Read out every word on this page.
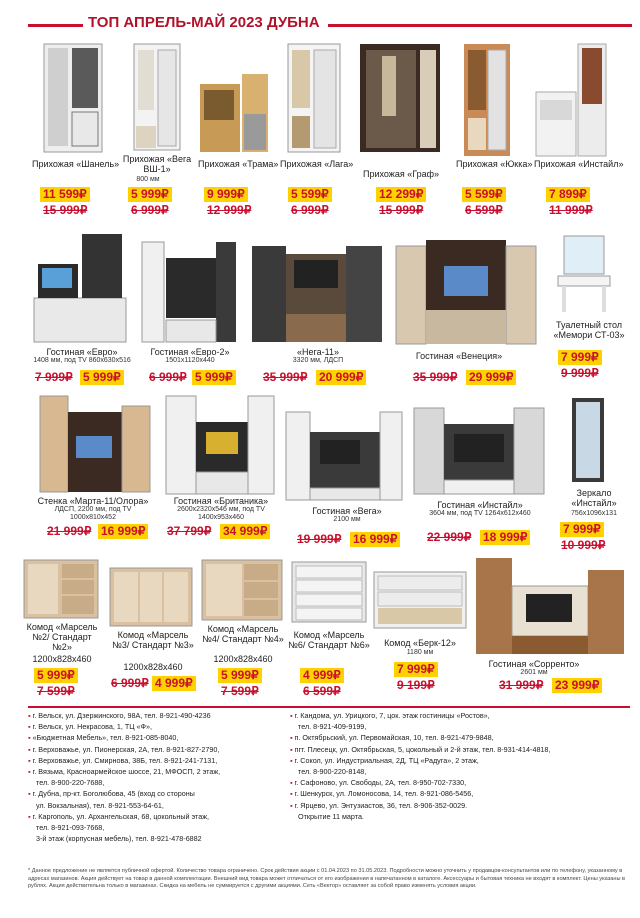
ТОП АПРЕЛЬ-МАЙ 2023 ДУБНА
Прихожая «Шанель»
11 599₽
15 999₽
Прихожая «Вега ВШ-1»
800 мм
5 999₽
6 999₽
Прихожая «Трама»
9 999₽
12 999₽
Прихожая «Лага»
5 599₽
6 999₽
Прихожая «Граф»
12 299₽
15 999₽
Прихожая «Юкка»
5 599₽
6 599₽
Прихожая «Инстайл»
7 899₽
11 999₽
Гостиная «Евро»
1408 мм, под TV 860х630х516
7 999₽ 5 999₽
Гостиная «Евро-2»
1501х1120х440
6 999₽ 5 999₽
«Нега-11»
3320 мм, ЛДСП
35 999₽ 20 999₽
Гостиная «Венеция»
35 999₽ 29 999₽
Туалетный стол «Мемори СТ-03»
7 999₽
9 999₽
Стенка «Марта-11/Олора»
ЛДСП, 2200 мм, под TV 1000х810х452
21 999₽ 16 999₽
Гостиная «Британика»
2600х2320х546 мм, под TV 1400х953х460
37 799₽ 34 999₽
Гостиная «Вега»
2100 мм
19 999₽ 16 999₽
Гостиная «Инстайл»
3604 мм, под TV 1264х612х460
22 999₽ 18 999₽
Зеркало «Инстайл»
756х1096х131
7 999₽
10 999₽
Комод «Марсель №2/ Стандарт №2»
1200х828х460
5 999₽
7 599₽
Комод «Марсель №3/ Стандарт №3»
1200х828х460
6 999₽ 4 999₽
Комод «Марсель №4/ Стандарт №4»
1200х828х460
5 999₽
7 599₽
Комод «Марсель №6/ Стандарт №6»
4 999₽
6 599₽
Комод «Берк-12»
1180 мм
7 999₽
9 199₽
Гостиная «Сорренто»
2601 мм
31 999₽ 23 999₽
▪ г. Вельск, ул. Дзержинского, 98А, тел. 8-921-490-4236
▪ г. Вельск, ул. Некрасова, 1, ТЦ «Ф»,
▪ «Бюджетная Мебель», тел. 8-921-085-8040,
▪ г. Верховажье, ул. Пионерская, 2А, тел. 8-921-827-2790,
▪ г. Верховажье, ул. Смирнова, 38Б, тел. 8-921-241-7131,
▪ г. Вязьма, Красноармейское шоссе, 21, МФОСП, 2 этаж,
тел. 8-900-220-7688,
▪ г. Дубна, пр-кт. Боголюбова, 45 (вход со стороны
ул. Вокзальная), тел. 8-921-553-64-61,
▪ г. Каргополь, ул. Архангельская, 68, цокольный этаж,
тел. 8-921-093-7668,
3-й этаж (корпусная мебель), тел. 8-921-478-6882
▪ г. Кандома, ул. Урицкого, 7, цок. этаж гостиницы «Ростов»,
тел. 8-921-409-9199,
▪ п. Октябрьский, ул. Первомайская, 10, тел. 8-921-479-9848,
▪ пгт. Плесецк, ул. Октябрьская, 5, цокольный и 2-й этаж, тел. 8-931-414-4818,
▪ г. Сокол, ул. Индустриальная, 2Д, ТЦ «Радуга», 2 этаж,
тел. 8-900-220-8148,
▪ г. Сафоново, ул. Свободы, 2А, тел. 8-950-702-7330,
▪ г. Шенкурск, ул. Ломоносова, 14, тел. 8-921-086-5456,
▪ г. Ярцево, ул. Энтузиастов, 36, тел. 8-906-352-0029.
Открытие 11 марта.
* Данное предложение не является публичной офертой. Количество товара ограничено. Срок действия акции с 01.04.2023 по 31.05.2023. Подробности можно уточнить у продавцов-консультантов или по телефону, указанному в адресах магазинов. Акция действует на товар в данной комплектации. Внешний вид товара может отличаться от его изображения в напечатанном в каталоге. Аксессуары и бытовая техника не входят в комплект. Цены указаны в рублях. Акция действительна только в магазинах. Скидка на мебель не суммируется с другими акциями. Сеть «Вектор» оставляет за собой право изменять условия акции.
